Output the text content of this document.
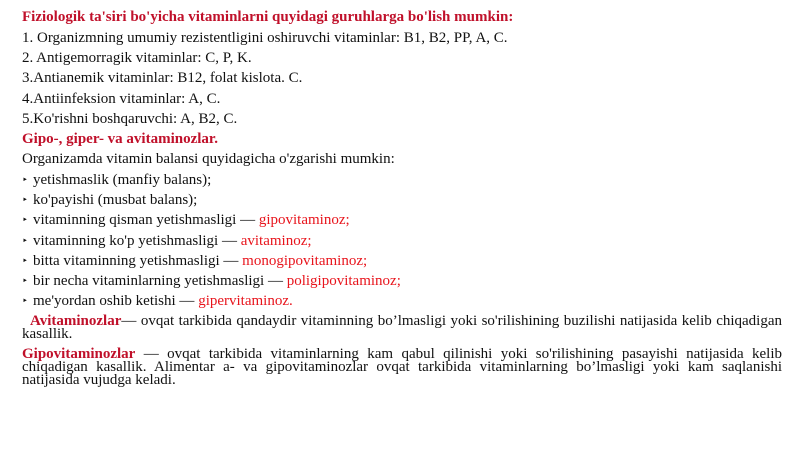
Fiziologik ta'siri bo'yicha vitaminlarni quyidagi guruhlarga bo'lish mumkin:
1. Organizmning umumiy rezistentligini oshiruvchi vitaminlar: B1, B2, PP, A, C.
2. Antigemorragik vitaminlar: C, P, K.
3.Antianemik vitaminlar: B12, folat kislota. C.
4.Antiinfeksion vitaminlar: A, C.
5.Ko'rishni boshqaruvchi: A, B2, C.
Gipo-, giper- va avitaminozlar.
Organizamda vitamin balansi quyidagicha o'zgarishi mumkin:
‣ yetishmaslik (manfiy balans);
‣ ko'payishi (musbat balans);
‣ vitaminning qisman yetishmasligi — gipovitaminoz;
‣ vitaminning ko'p yetishmasligi — avitaminoz;
‣ bitta vitaminning yetishmasligi — monogipovitaminoz;
‣ bir necha vitaminlarning yetishmasligi — poligipovitaminoz;
‣ me'yordan oshib ketishi — gipervitaminoz.
Avitaminozlar— ovqat tarkibida qandaydir vitaminning bo’lmasligi yoki so'rilishining buzilishi natijasida kelib chiqadigan kasallik.
Gipovitaminozlar — ovqat tarkibida vitaminlarning kam qabul qilinishi yoki so'rilishining pasayishi natijasida kelib chiqadigan kasallik. Alimentar a- va gipovitaminozlar ovqat tarkibida vitaminlarning bo’lmasligi yoki kam saqlanishi natijasida vujudga keladi.
